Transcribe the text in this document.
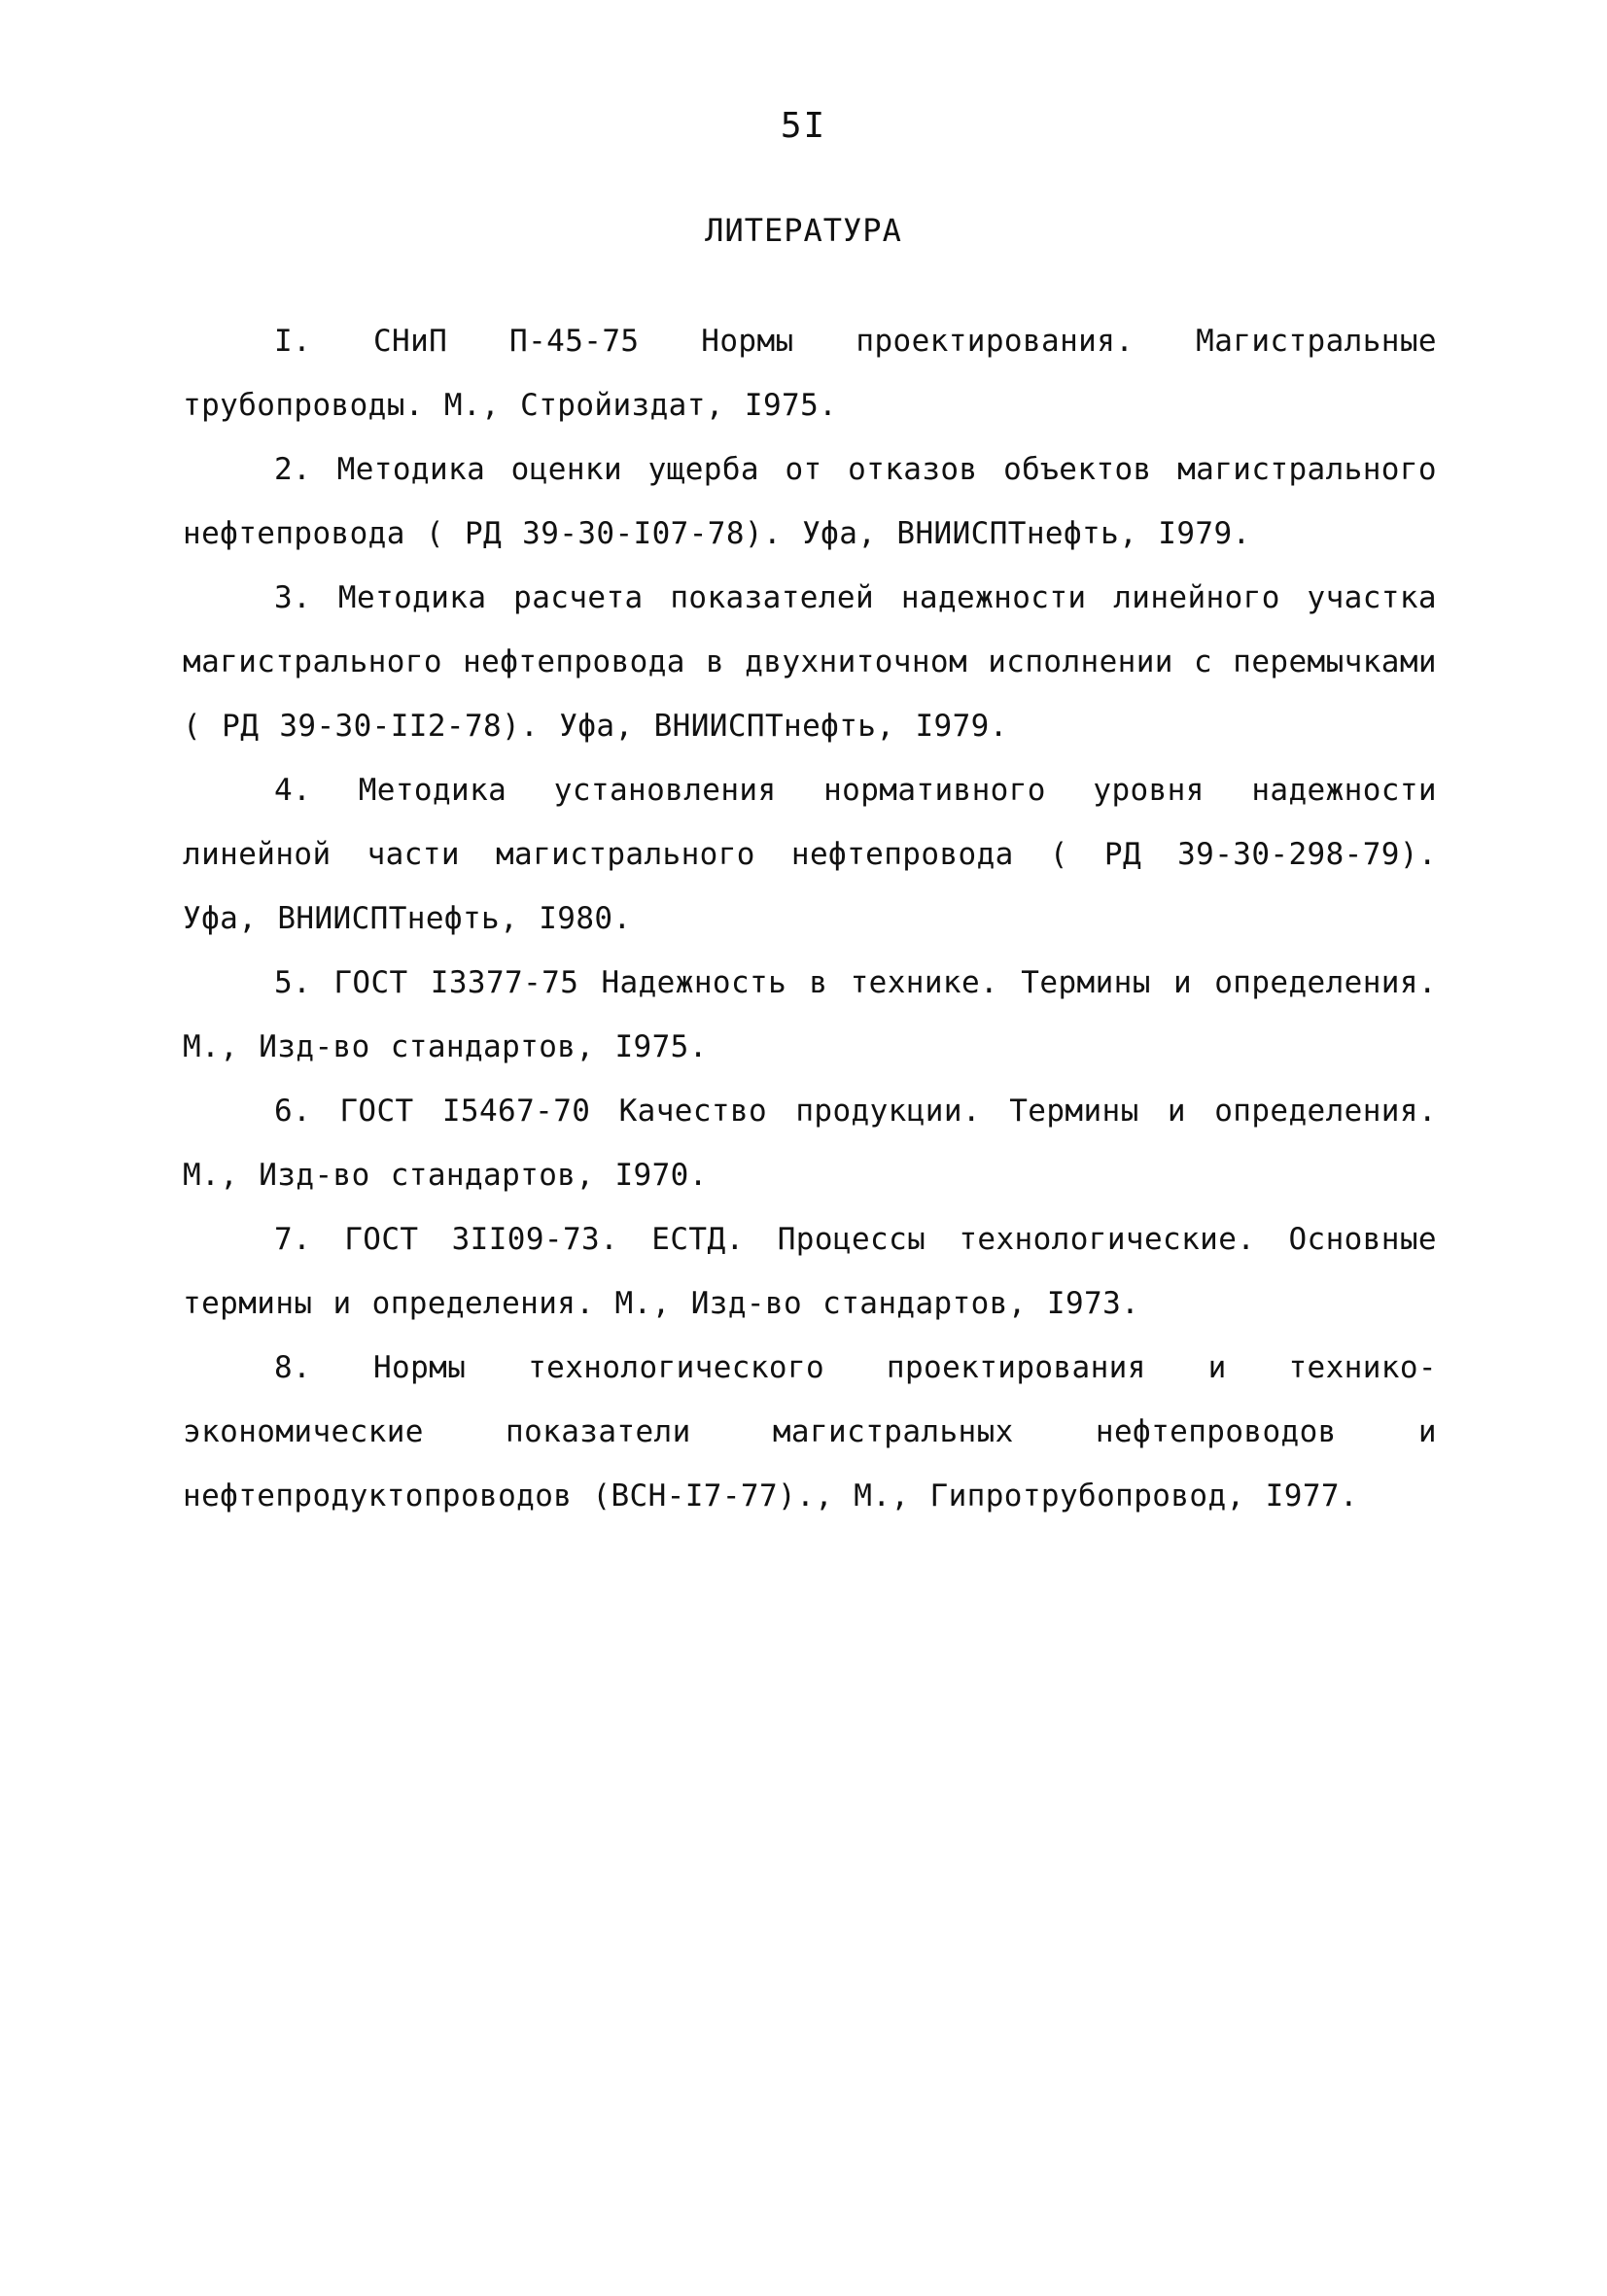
5I
ЛИТЕРАТУРА

I. СНиП П-45-75 Нормы проектирования. Магистральные трубопроводы. М., Стройиздат, I975.

2. Методика оценки ущерба от отказов объектов магистрального нефтепровода ( РД 39-30-I07-78). Уфа, ВНИИСПТнефть, I979.

3. Методика расчета показателей надежности линейного участка магистрального нефтепровода в двухниточном исполнении с перемычками ( РД 39-30-II2-78). Уфа, ВНИИСПТнефть, I979.

4. Методика установления нормативного уровня надежности линейной части магистрального нефтепровода ( РД 39-30-298-79). Уфа, ВНИИСПТнефть, I980.

5. ГОСТ I3377-75 Надежность в технике. Термины и определения. М., Изд-во стандартов, I975.

6. ГОСТ I5467-70 Качество продукции. Термины и определения. М., Изд-во стандартов, I970.

7. ГОСТ 3II09-73. ЕСТД. Процессы технологические. Основные термины и определения. М., Изд-во стандартов, I973.

8. Нормы технологического проектирования и технико-экономические показатели магистральных нефтепроводов и нефтепродуктопроводов (ВСН-I7-77)., М., Гипротрубопровод, I977.
